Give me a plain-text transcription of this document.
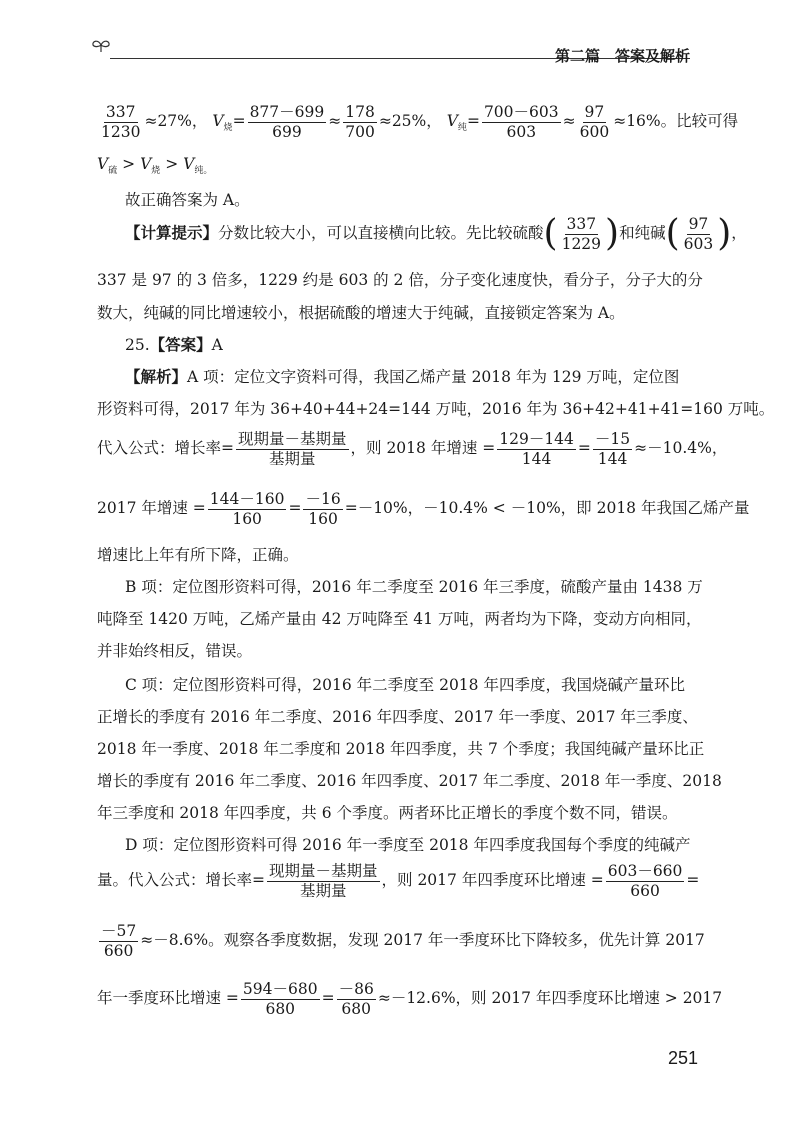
第二篇　答案及解析
$\frac{337}{1230} \approx 27\%$， $V_烧= \frac{877-699}{699} \approx \frac{178}{700} \approx 25\%$， $V_纯= \frac{700-603}{603} \approx \frac{97}{600} \approx 16\%$。比较可得
$V_硫 > V_烧 > V_{纯。}$
故正确答案为 A。
【计算提示】分数比较大小，可以直接横向比较。先比较硫酸( $\frac{337}{1229}$ )和纯碱( $\frac{97}{603}$ )，
337 是 97 的 3 倍多，1229 约是 603 的 2 倍，分子变化速度快，看分子，分子大的分
数大，纯碱的同比增速较小，根据硫酸的增速大于纯碱，直接锁定答案为 A。
25.【答案】A
【解析】A 项：定位文字资料可得，我国乙烯产量 2018 年为 129 万吨，定位图
形资料可得，2017 年为 36+40+44+24=144 万吨，2016 年为 36+42+41+41=160 万吨。
代入公式：增长率= $\frac{\text{现期量－基期量}}{\text{基期量}}$ ，则 2018 年增速 = $\frac{129-144}{144} = \frac{-15}{144} \approx-10.4\%$，
2017 年增速 = $\frac{144-160}{160} = \frac{-16}{160} =-10\%$，－10.4% < －10%，即 2018 年我国乙烯产量
增速比上年有所下降，正确。
B 项：定位图形资料可得，2016 年二季度至 2016 年三季度，硫酸产量由 1438 万
吨降至 1420 万吨，乙烯产量由 42 万吨降至 41 万吨，两者均为下降，变动方向相同，
并非始终相反，错误。
C 项：定位图形资料可得，2016 年二季度至 2018 年四季度，我国烧碱产量环比
正增长的季度有 2016 年二季度、2016 年四季度、2017 年一季度、2017 年三季度、
2018 年一季度、2018 年二季度和 2018 年四季度，共 7 个季度；我国纯碱产量环比正
增长的季度有 2016 年二季度、2016 年四季度、2017 年二季度、2018 年一季度、2018
年三季度和 2018 年四季度，共 6 个季度。两者环比正增长的季度个数不同，错误。
D 项：定位图形资料可得 2016 年一季度至 2018 年四季度我国每个季度的纯碱产
量。代入公式：增长率= $\frac{\text{现期量－基期量}}{\text{基期量}}$ ，则 2017 年四季度环比增速 = $\frac{603-660}{660}$ =
$\frac{-57}{660} \approx-8.6\%$。观察各季度数据，发现 2017 年一季度环比下降较多，优先计算 2017
年一季度环比增速 = $\frac{594-680}{680} = \frac{-86}{680} \approx-12.6\%$，则 2017 年四季度环比增速 > 2017
251
